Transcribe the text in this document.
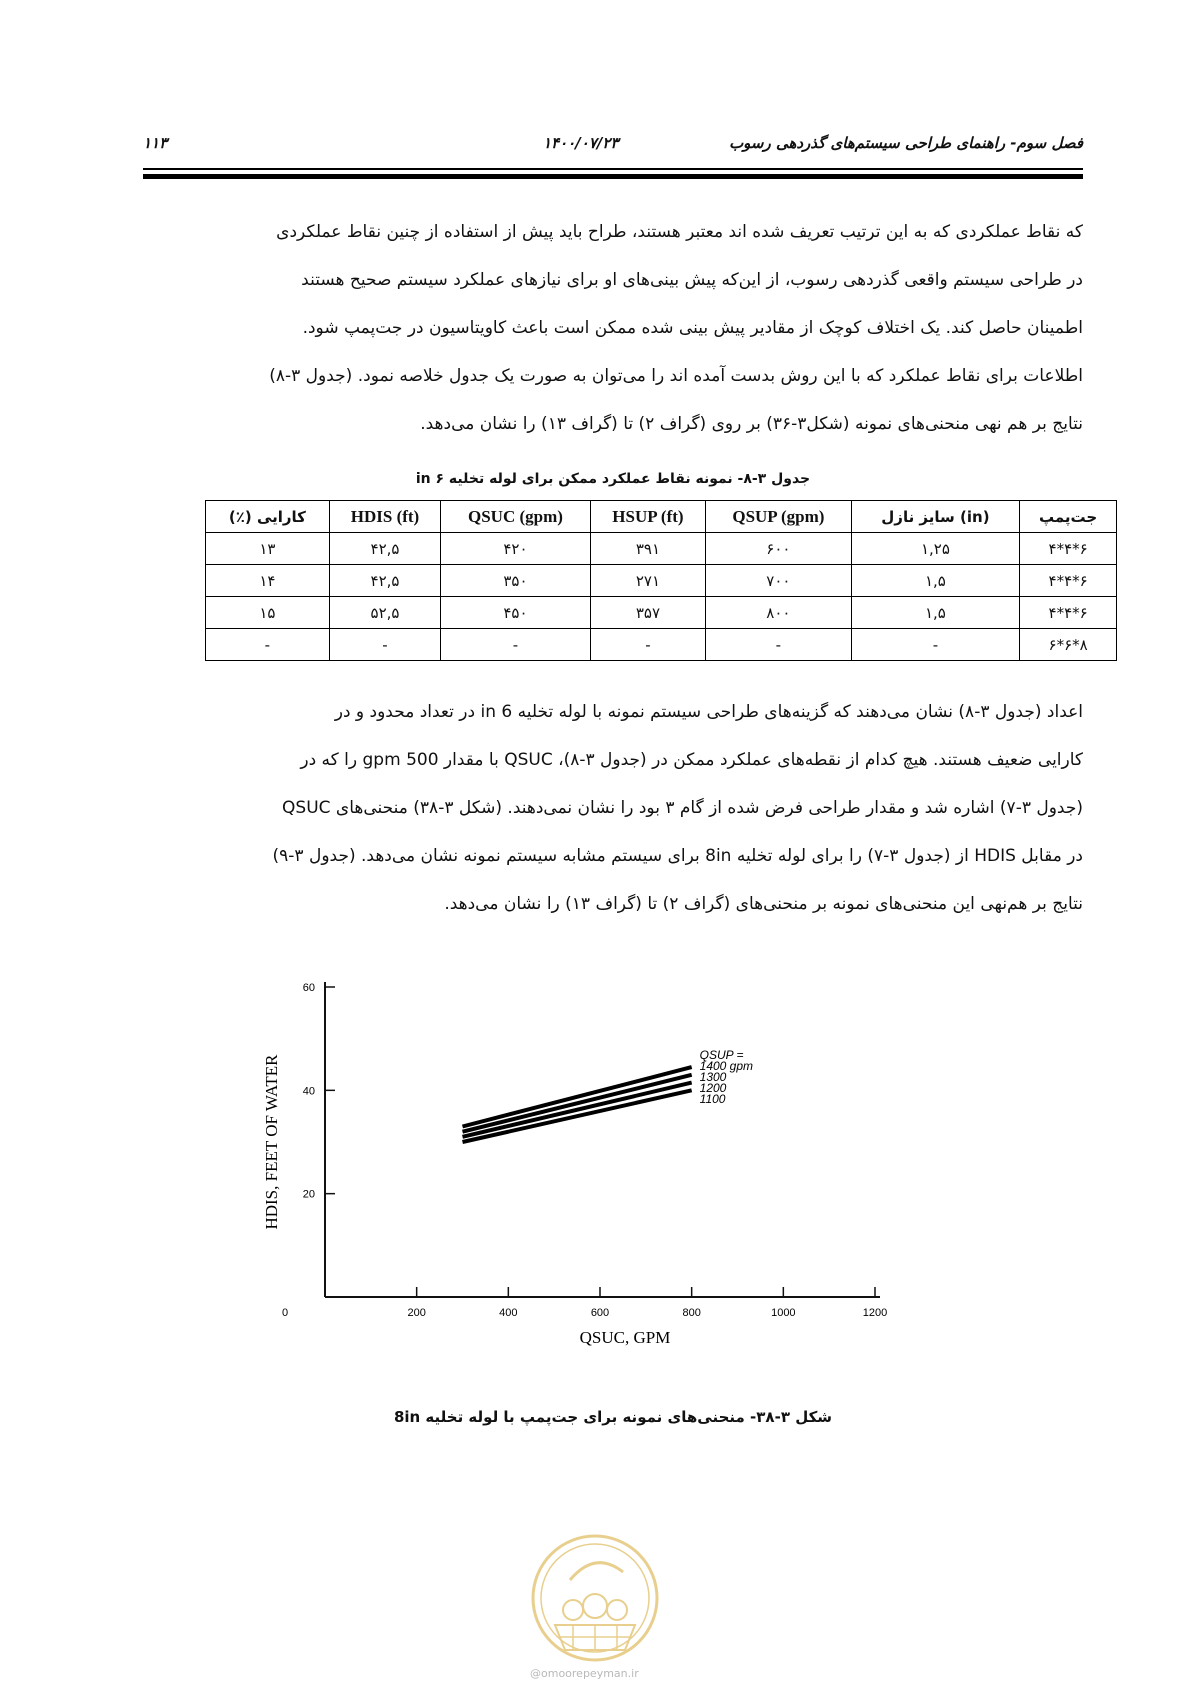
فصل سوم- راهنمای طراحی سیستم‌های گذردهی رسوب
۱۴۰۰/۰۷/۲۳
۱۱۳
که نقاط عملکردی که به این ترتیب تعریف شده اند معتبر هستند، طراح باید پیش از استفاده از چنین نقاط عملکردی
در طراحی سیستم واقعی گذردهی رسوب، از این‌که پیش بینی‌های او برای نیازهای عملکرد سیستم صحیح هستند
اطمینان حاصل کند. یک اختلاف کوچک از مقادیر پیش بینی شده ممکن است باعث کاویتاسیون در جت‌پمپ شود.
اطلاعات برای نقاط عملکرد که با این روش بدست آمده اند را می‌توان به صورت یک جدول خلاصه نمود. (جدول ۳-۸)
نتایج بر هم نهی منحنی‌های نمونه (شکل۳-۳۶) بر روی (گراف ۲) تا (گراف ۱۳) را نشان می‌دهد.
جدول ۳-۸- نمونه نقاط عملکرد ممکن برای لوله تخلیه ۶ in
جت‌پمپ	(in) سایز نازل	QSUP (gpm)	HSUP (ft)	QSUC (gpm)	HDIS (ft)	کارایی (٪)
۶*۴*۴	۱,۲۵	۶۰۰	۳۹۱	۴۲۰	۴۲,۵	۱۳
۶*۴*۴	۱,۵	۷۰۰	۲۷۱	۳۵۰	۴۲,۵	۱۴
۶*۴*۴	۱,۵	۸۰۰	۳۵۷	۴۵۰	۵۲,۵	۱۵
۸*۶*۶	-	-	-	-	-	-
اعداد (جدول ۳-۸) نشان می‌دهند که گزینه‌های طراحی سیستم نمونه با لوله تخلیه 6 in در تعداد محدود و در
کارایی ضعیف هستند. هیچ کدام از نقطه‌های عملکرد ممکن در (جدول ۳-۸)، QSUC با مقدار 500 gpm را که در
(جدول ۳-۷) اشاره شد و مقدار طراحی فرض شده از گام ۳ بود را نشان نمی‌دهند. (شکل ۳-۳۸) منحنی‌های QSUC
در مقابل HDIS از (جدول ۳-۷) را برای لوله تخلیه 8in برای سیستم مشابه سیستم نمونه نشان می‌دهد. (جدول ۳-۹)
نتایج بر هم‌نهی این منحنی‌های نمونه بر منحنی‌های (گراف ۲) تا (گراف ۱۳) را نشان می‌دهد.
0	200	400	600	800	1000	1200
20
40
60
1400 gpm
1300
1200
1100
QSUP =
QSUC, GPM
HDIS, FEET OF WATER
شکل ۳-۳۸- منحنی‌های نمونه برای جت‌پمپ با لوله تخلیه 8in
@omoorepeyman.ir
